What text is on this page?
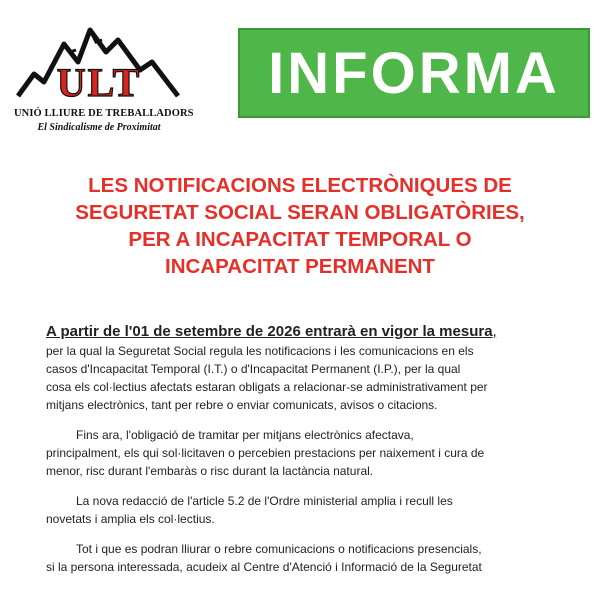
ULT
UNIÓ LLIURE DE TREBALLADORS
El Sindicalisme de Proximitat
INFORMA
LES NOTIFICACIONS ELECTRÒNIQUES DE
SEGURETAT SOCIAL SERAN OBLIGATÒRIES,
PER A INCAPACITAT TEMPORAL O
INCAPACITAT PERMANENT

A partir de l'01 de setembre de 2026 entrarà en vigor la mesura,

per la qual la Seguretat Social regula les notificacions i les comunicacions en els
casos d'Incapacitat Temporal (I.T.) o d'Incapacitat Permanent (I.P.), per la qual
cosa els col·lectius afectats estaran obligats a relacionar-se administrativament per
mitjans electrònics, tant per rebre o enviar comunicats, avisos o citacions.
Fins ara, l'obligació de tramitar per mitjans electrònics afectava,
principalment, els qui sol·licitaven o percebien prestacions per naixement i cura de
menor, risc durant l'embaràs o risc durant la lactància natural.
La nova redacció de l'article 5.2 de l'Ordre ministerial amplia i recull les
novetats i amplia els col·lectius.
Tot i que es podran lliurar o rebre comunicacions o notificacions presencials,
si la persona interessada, acudeix al Centre d'Atenció i Informació de la Seguretat
